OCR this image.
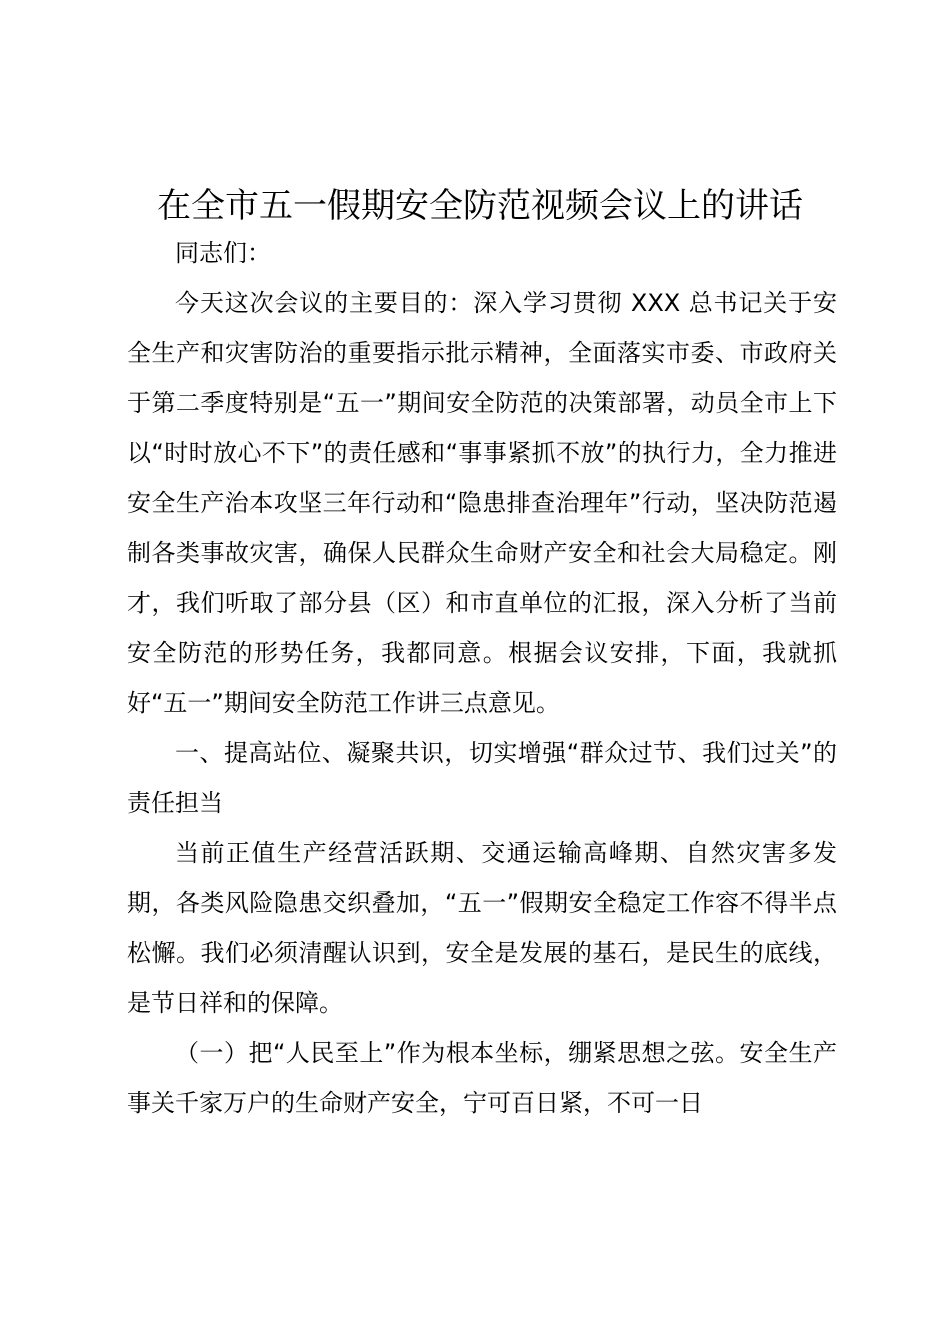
在全市五一假期安全防范视频会议上的讲话

同志们：

今天这次会议的主要目的：深入学习贯彻 XXX 总书记关于安全生产和灾害防治的重要指示批示精神，全面落实市委、市政府关于第二季度特别是“五一”期间安全防范的决策部署，动员全市上下以“时时放心不下”的责任感和“事事紧抓不放”的执行力，全力推进安全生产治本攻坚三年行动和“隐患排查治理年”行动，坚决防范遏制各类事故灾害，确保人民群众生命财产安全和社会大局稳定。刚才，我们听取了部分县（区）和市直单位的汇报，深入分析了当前安全防范的形势任务，我都同意。根据会议安排，下面，我就抓好“五一”期间安全防范工作讲三点意见。

一、提高站位、凝聚共识，切实增强“群众过节、我们过关”的责任担当

当前正值生产经营活跃期、交通运输高峰期、自然灾害多发期，各类风险隐患交织叠加，“五一”假期安全稳定工作容不得半点松懈。我们必须清醒认识到，安全是发展的基石，是民生的底线，是节日祥和的保障。

（一）把“人民至上”作为根本坐标，绷紧思想之弦。安全生产事关千家万户的生命财产安全，宁可百日紧，不可一日
